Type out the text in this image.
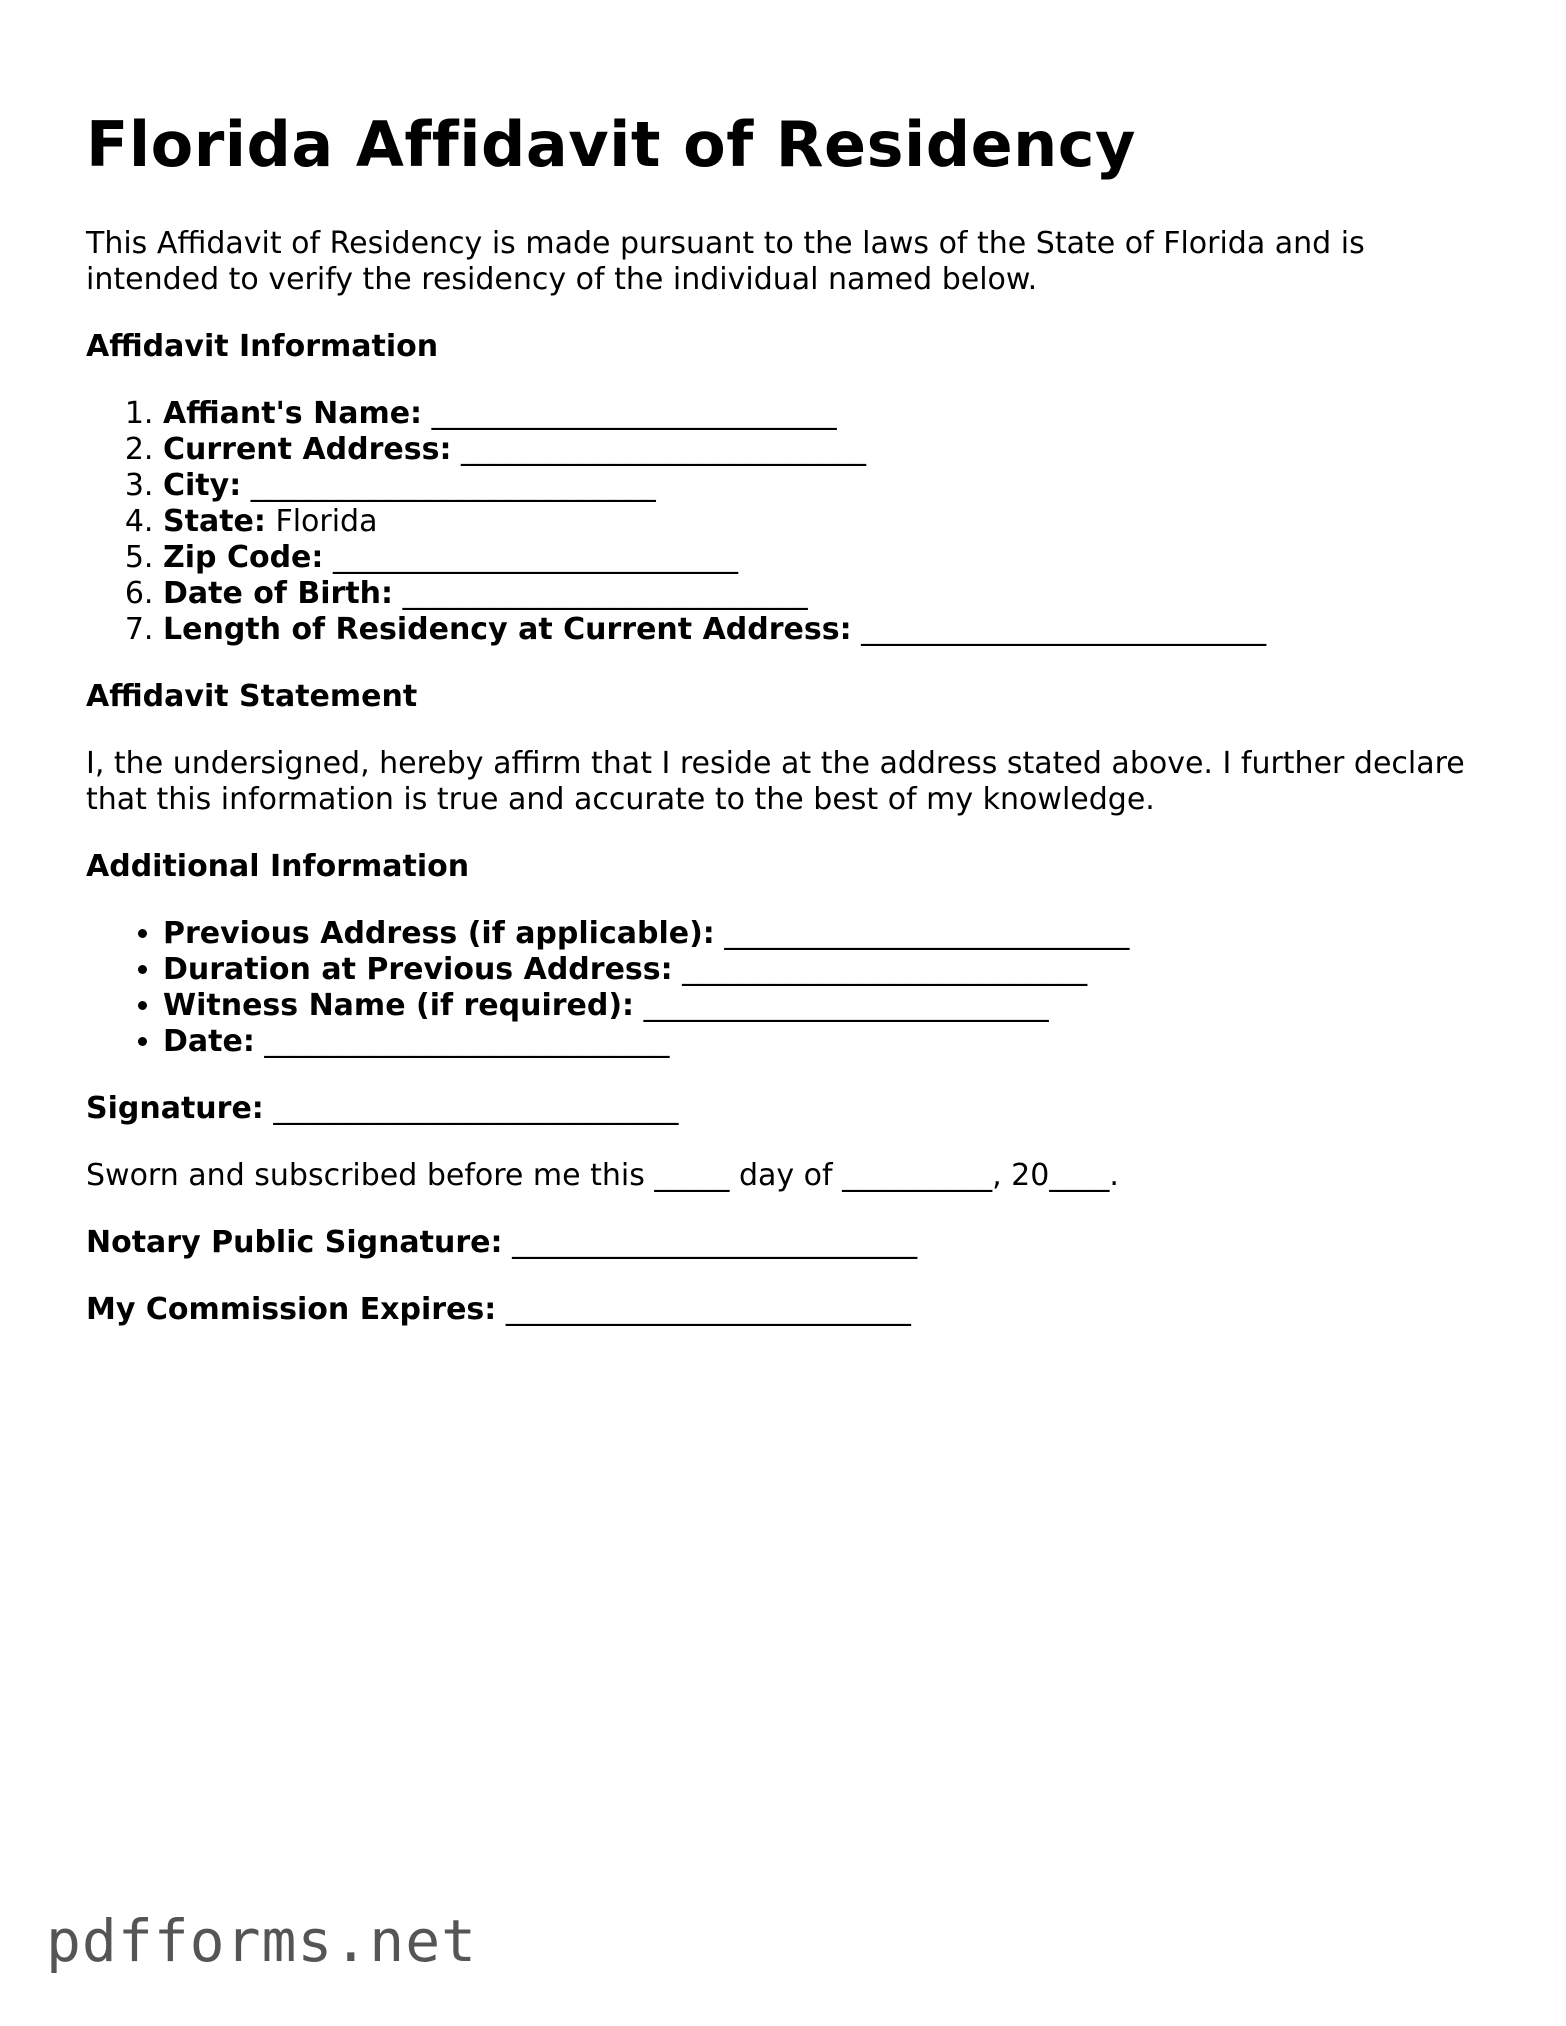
Florida Affidavit of Residency

This Affidavit of Residency is made pursuant to the laws of the State of Florida and is intended to verify the residency of the individual named below.

Affidavit Information
1. Affiant's Name: ___________________________
2. Current Address: ___________________________
3. City: ___________________________
4. State: Florida
5. Zip Code: ___________________________
6. Date of Birth: ___________________________
7. Length of Residency at Current Address: ___________________________
Affidavit Statement

I, the undersigned, hereby affirm that I reside at the address stated above. I further declare that this information is true and accurate to the best of my knowledge.

Additional Information
• Previous Address (if applicable): ___________________________
• Duration at Previous Address: ___________________________
• Witness Name (if required): ___________________________
• Date: ___________________________

Signature: ___________________________

Sworn and subscribed before me this _____ day of __________, 20____.

Notary Public Signature: ___________________________

My Commission Expires: ___________________________

pdfforms.net
